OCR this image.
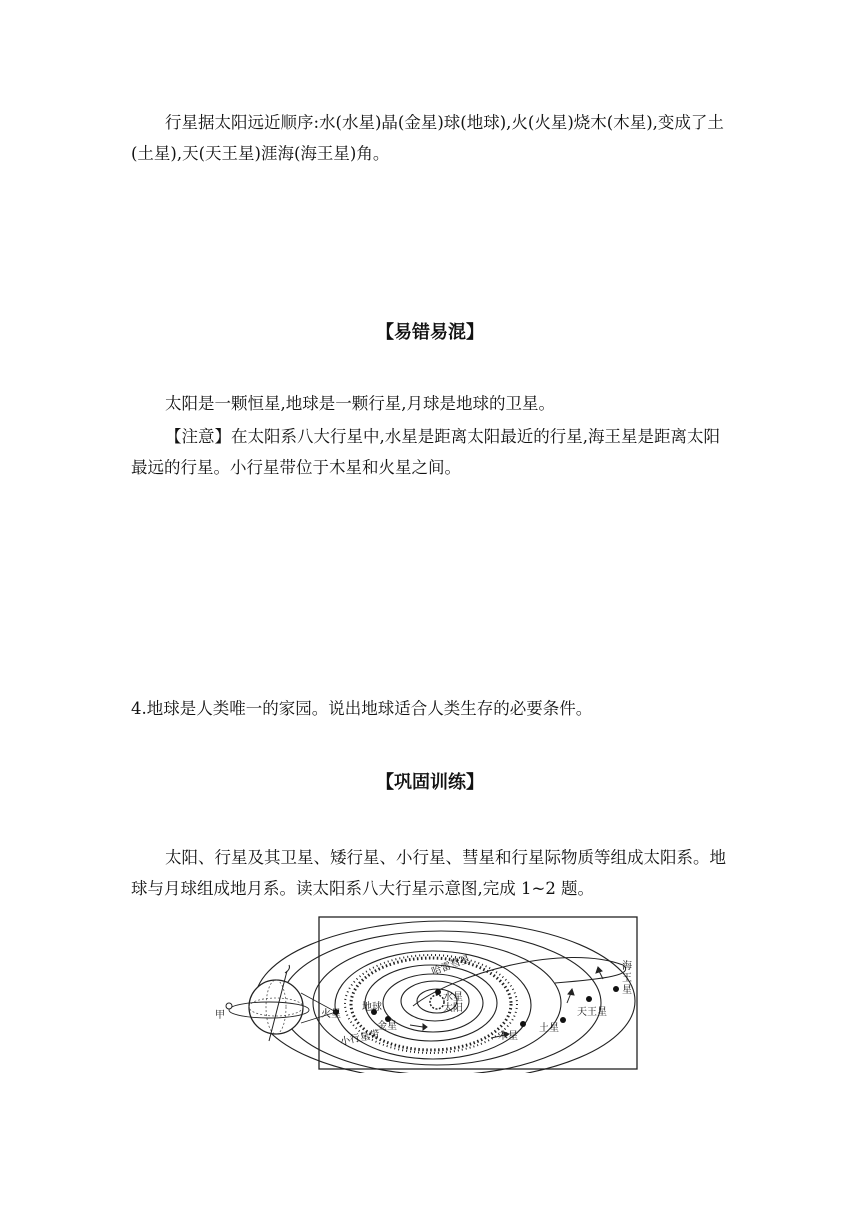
行星据太阳远近顺序:水(水星)晶(金星)球(地球),火(火星)烧木(木星),变成了土(土星),天(天王星)涯海(海王星)角。

【易错易混】

太阳是一颗恒星,地球是一颗行星,月球是地球的卫星。

【注意】在太阳系八大行星中,水星是距离太阳最近的行星,海王星是距离太阳最远的行星。小行星带位于木星和火星之间。

4.地球是人类唯一的家园。说出地球适合人类生存的必要条件。

【巩固训练】

太阳、行星及其卫星、矮行星、小行星、彗星和行星际物质等组成太阳系。地球与月球组成地月系。读太阳系八大行星示意图,完成 1~2 题。

甲	火星
地球
金星
水星
太阳
木星
土星
天王星
海
王
星
哈雷彗星
小行星带
